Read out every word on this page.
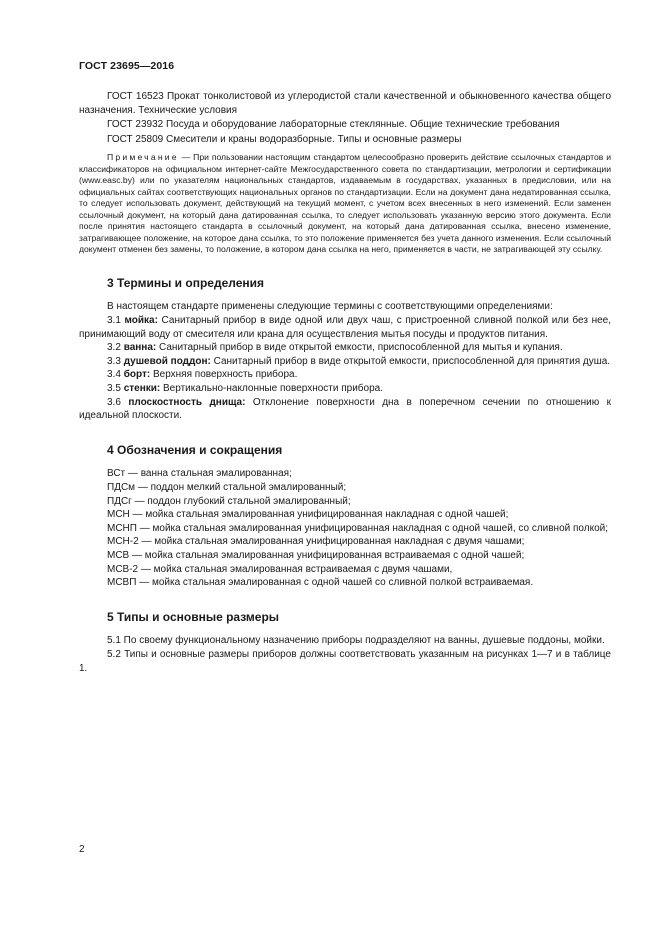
ГОСТ 23695—2016

ГОСТ 16523 Прокат тонколистовой из углеродистой стали качественной и обыкновенного качества общего назначения. Технические условия

ГОСТ 23932 Посуда и оборудование лабораторные стеклянные. Общие технические требования

ГОСТ 25809 Смесители и краны водоразборные. Типы и основные размеры

Примечание — При пользовании настоящим стандартом целесообразно проверить действие ссылочных стандартов и классификаторов на официальном интернет-сайте Межгосударственного совета по стандартизации, метрологии и сертификации (www.easc.by) или по указателям национальных стандартов, издаваемым в государствах, указанных в предисловии, или на официальных сайтах соответствующих национальных органов по стандартизации. Если на документ дана недатированная ссылка, то следует использовать документ, действующий на текущий момент, с учетом всех внесенных в него изменений. Если заменен ссылочный документ, на который дана датированная ссылка, то следует использовать указанную версию этого документа. Если после принятия настоящего стандарта в ссылочный документ, на который дана датированная ссылка, внесено изменение, затрагивающее положение, на которое дана ссылка, то это положение применяется без учета данного изменения. Если ссылочный документ отменен без замены, то положение, в котором дана ссылка на него, применяется в части, не затрагивающей эту ссылку.

3 Термины и определения

В настоящем стандарте применены следующие термины с соответствующими определениями:

3.1 мойка: Санитарный прибор в виде одной или двух чаш, с пристроенной сливной полкой или без нее, принимающий воду от смесителя или крана для осуществления мытья посуды и продуктов питания.

3.2 ванна: Санитарный прибор в виде открытой емкости, приспособленной для мытья и купания.

3.3 душевой поддон: Санитарный прибор в виде открытой емкости, приспособленной для принятия душа.

3.4 борт: Верхняя поверхность прибора.

3.5 стенки: Вертикально-наклонные поверхности прибора.

3.6 плоскостность днища: Отклонение поверхности дна в поперечном сечении по отношению к идеальной плоскости.

4 Обозначения и сокращения

ВСт — ванна стальная эмалированная;

ПДСм — поддон мелкий стальной эмалированный;

ПДСг — поддон глубокий стальной эмалированный;

МСН — мойка стальная эмалированная унифицированная накладная с одной чашей;

МСНП — мойка стальная эмалированная унифицированная накладная с одной чашей, со сливной полкой;

МСН-2 — мойка стальная эмалированная унифицированная накладная с двумя чашами;

МСВ — мойка стальная эмалированная унифицированная встраиваемая с одной чашей;

МСВ-2 — мойка стальная эмалированная встраиваемая с двумя чашами,

МСВП — мойка стальная эмалированная с одной чашей со сливной полкой встраиваемая.

5 Типы и основные размеры

5.1 По своему функциональному назначению приборы подразделяют на ванны, душевые поддоны, мойки.

5.2 Типы и основные размеры приборов должны соответствовать указанным на рисунках 1—7 и в таблице 1.

2
